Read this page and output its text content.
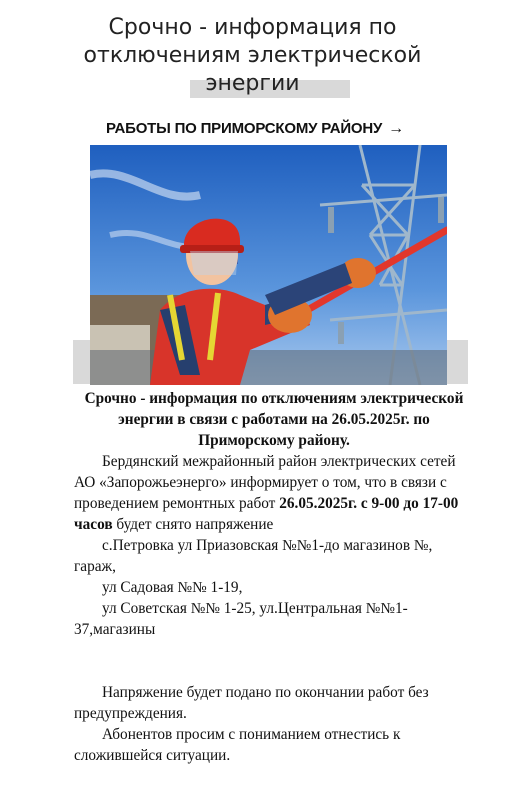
Срочно - информация по
отключениям электрической
энергии
РАБОТЫ ПО ПРИМОРСКОМУ РАЙОНУ →

Срочно - информация по отключениям электрической энергии в связи с работами на 26.05.2025г. по Приморскому району.

Бердянский межрайонный район электрических сетей АО «Запорожьеэнерго» информирует о том, что в связи с проведением ремонтных работ 26.05.2025г. с 9-00 до 17-00 часов будет снято напряжение

с.Петровка ул Приазовская №№1-до магазинов №, гараж,

ул Садовая №№ 1-19,

ул Советская №№ 1-25, ул.Центральная №№1-37,магазины

Напряжение будет подано по окончании работ без предупреждения.

Абонентов просим с пониманием отнестись к сложившейся ситуации.
